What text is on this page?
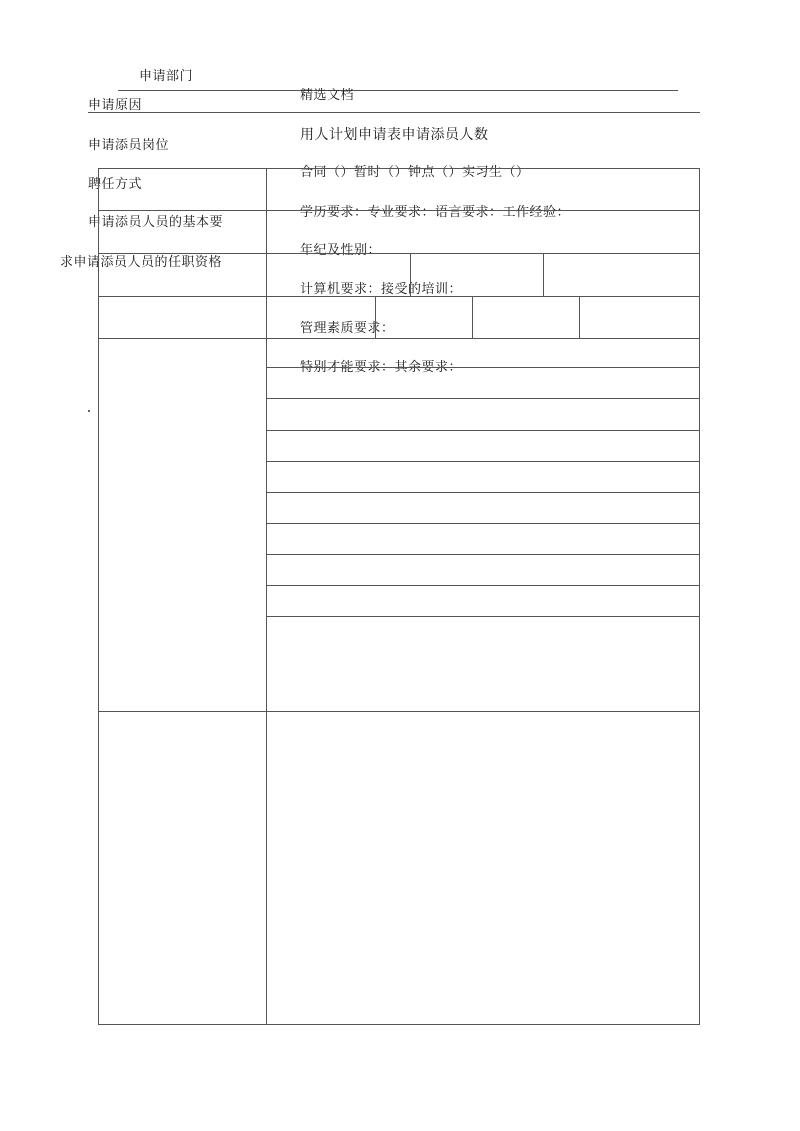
申请部门
精选文档
申请原因
申请添员岗位
聘任方式
申请添员人员的基本要
求申请添员人员的任职资格
用人计划申请表申请添员人数
合同（）暂时（）钟点（）实习生（）
学历要求：专业要求：语言要求：工作经验：
年纪及性别：
计算机要求：接受的培训：
管理素质要求：
特别才能要求：其余要求：
